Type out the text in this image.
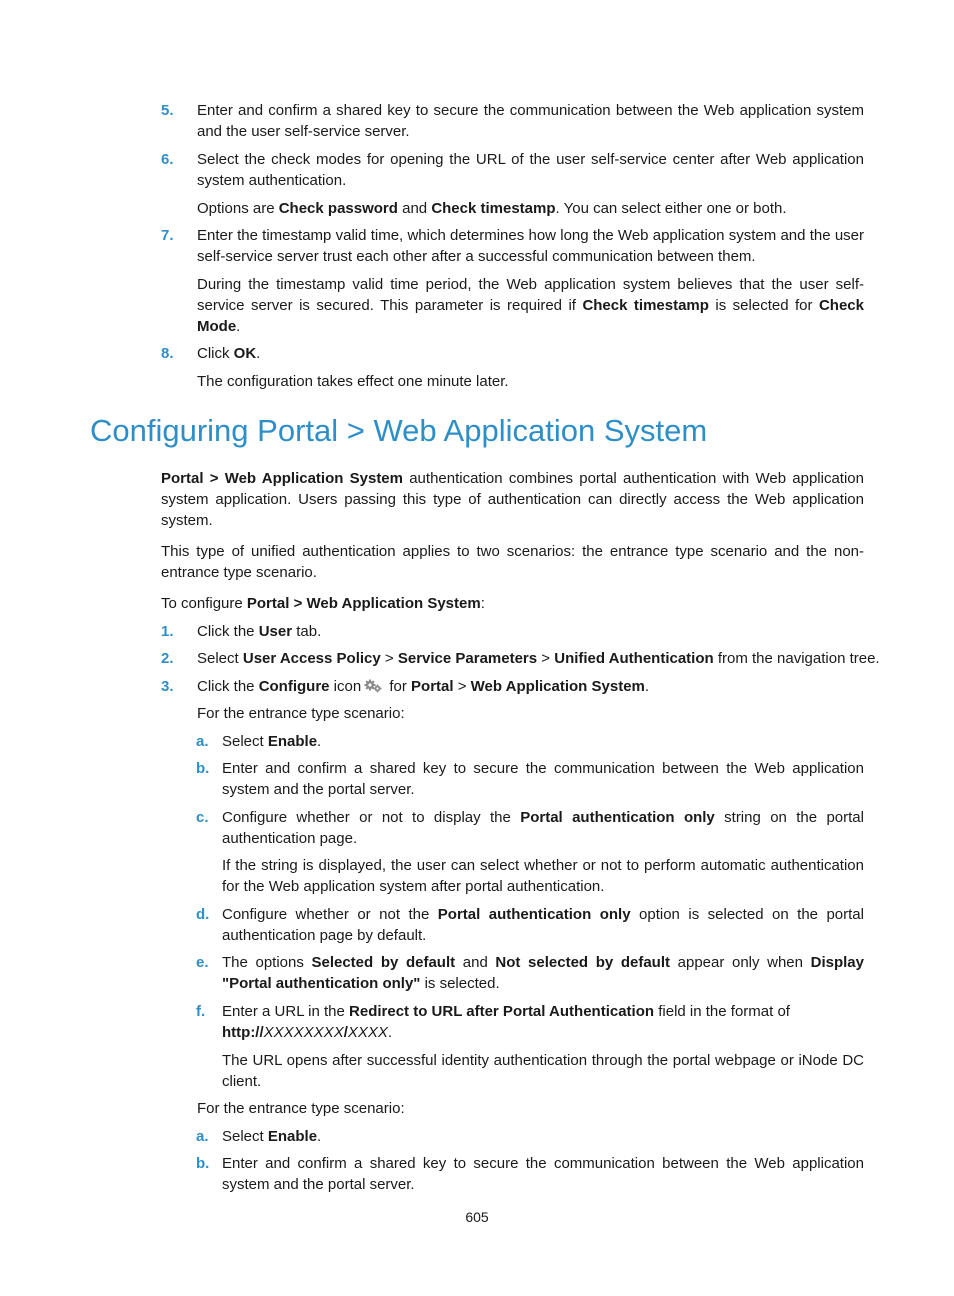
5. Enter and confirm a shared key to secure the communication between the Web application system and the user self-service server.
6. Select the check modes for opening the URL of the user self-service center after Web application system authentication.
Options are Check password and Check timestamp. You can select either one or both.
7. Enter the timestamp valid time, which determines how long the Web application system and the user self-service server trust each other after a successful communication between them.
During the timestamp valid time period, the Web application system believes that the user self-service server is secured. This parameter is required if Check timestamp is selected for Check Mode.
8. Click OK.
The configuration takes effect one minute later.
Configuring Portal > Web Application System
Portal > Web Application System authentication combines portal authentication with Web application system application. Users passing this type of authentication can directly access the Web application system.
This type of unified authentication applies to two scenarios: the entrance type scenario and the non-entrance type scenario.
To configure Portal > Web Application System:
1. Click the User tab.
2. Select User Access Policy > Service Parameters > Unified Authentication from the navigation tree.
3. Click the Configure icon for Portal > Web Application System.
For the entrance type scenario:
a. Select Enable.
b. Enter and confirm a shared key to secure the communication between the Web application system and the portal server.
c. Configure whether or not to display the Portal authentication only string on the portal authentication page.
If the string is displayed, the user can select whether or not to perform automatic authentication for the Web application system after portal authentication.
d. Configure whether or not the Portal authentication only option is selected on the portal authentication page by default.
e. The options Selected by default and Not selected by default appear only when Display "Portal authentication only" is selected.
f. Enter a URL in the Redirect to URL after Portal Authentication field in the format of
http://XXXXXXXX/XXXX.
The URL opens after successful identity authentication through the portal webpage or iNode DC client.
For the entrance type scenario:
a. Select Enable.
b. Enter and confirm a shared key to secure the communication between the Web application system and the portal server.
605
